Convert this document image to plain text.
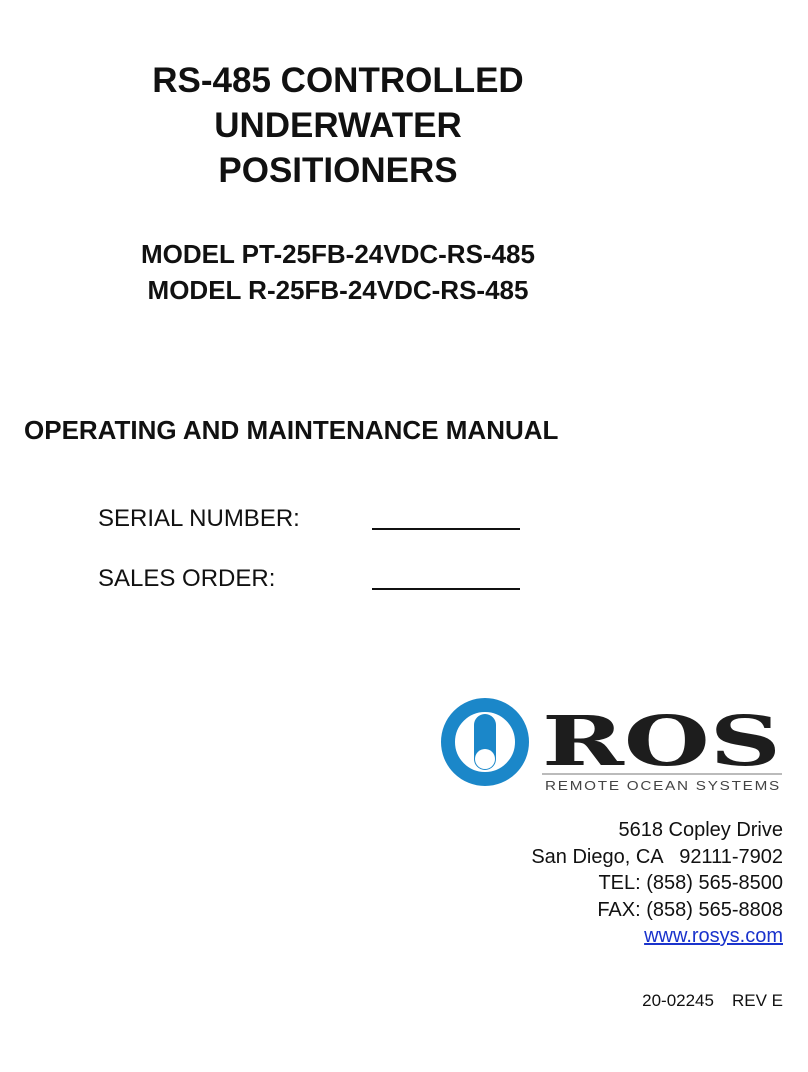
RS-485 CONTROLLED
UNDERWATER
POSITIONERS
MODEL PT-25FB-24VDC-RS-485
MODEL R-25FB-24VDC-RS-485
OPERATING AND MAINTENANCE MANUAL
SERIAL NUMBER:
SALES ORDER:
ROS
REMOTE OCEAN SYSTEMS
5618 Copley Drive
San Diego, CA   92111-7902
TEL: (858) 565-8500
FAX: (858) 565-8808
www.rosys.com
20-02245 REV E
